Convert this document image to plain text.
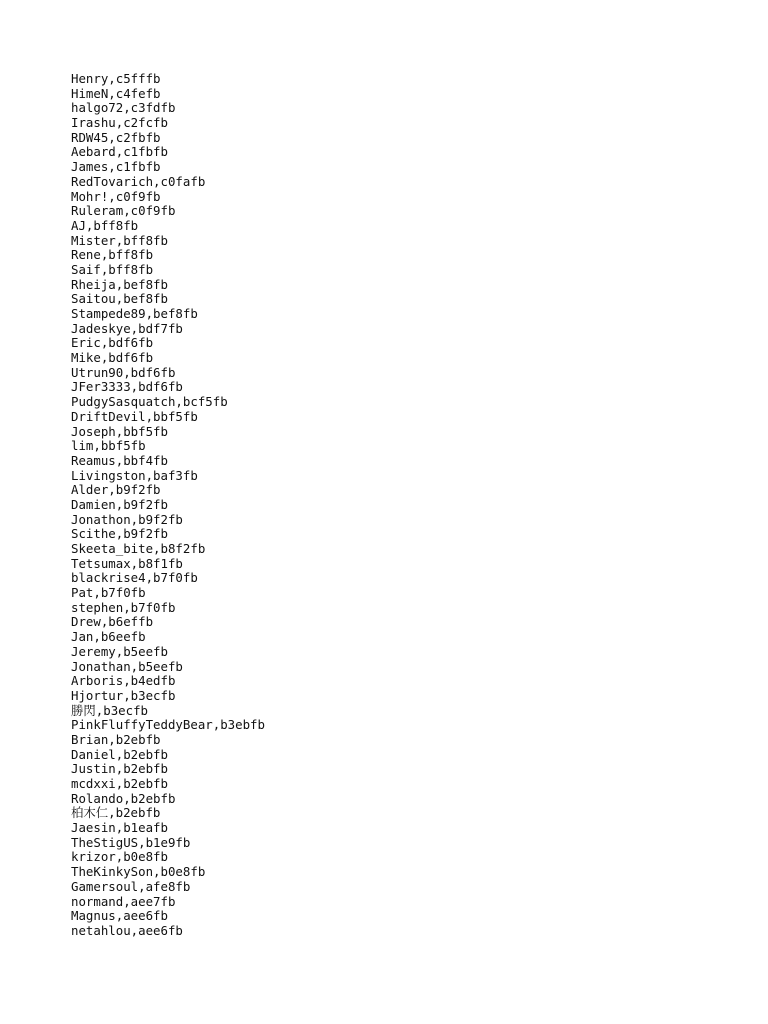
Henry,c5fffb
HimeN,c4fefb
halgo72,c3fdfb
Irashu,c2fcfb
RDW45,c2fbfb
Aebard,c1fbfb
James,c1fbfb
RedTovarich,c0fafb
Mohr!,c0f9fb
Ruleram,c0f9fb
AJ,bff8fb
Mister,bff8fb
Rene,bff8fb
Saif,bff8fb
Rheija,bef8fb
Saitou,bef8fb
Stampede89,bef8fb
Jadeskye,bdf7fb
Eric,bdf6fb
Mike,bdf6fb
Utrun90,bdf6fb
JFer3333,bdf6fb
PudgySasquatch,bcf5fb
DriftDevil,bbf5fb
Joseph,bbf5fb
lim,bbf5fb
Reamus,bbf4fb
Livingston,baf3fb
Alder,b9f2fb
Damien,b9f2fb
Jonathon,b9f2fb
Scithe,b9f2fb
Skeeta_bite,b8f2fb
Tetsumax,b8f1fb
blackrise4,b7f0fb
Pat,b7f0fb
stephen,b7f0fb
Drew,b6effb
Jan,b6eefb
Jeremy,b5eefb
Jonathan,b5eefb
Arboris,b4edfb
Hjortur,b3ecfb
勝閃,b3ecfb
PinkFluffyTeddyBear,b3ebfb
Brian,b2ebfb
Daniel,b2ebfb
Justin,b2ebfb
mcdxxi,b2ebfb
Rolando,b2ebfb
柏木仁,b2ebfb
Jaesin,b1eafb
TheStigUS,b1e9fb
krizor,b0e8fb
TheKinkySon,b0e8fb
Gamersoul,afe8fb
normand,aee7fb
Magnus,aee6fb
netahlou,aee6fb
